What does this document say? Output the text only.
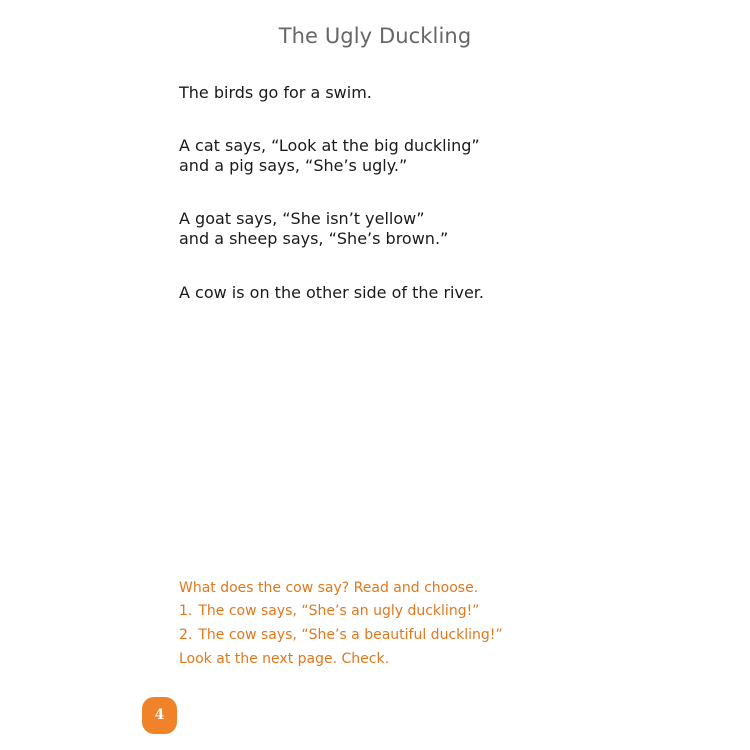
The Ugly Duckling

The birds go for a swim.

A cat says, “Look at the big duckling”
and a pig says, “She’s ugly.”

A goat says, “She isn’t yellow”
and a sheep says, “She’s brown.”

A cow is on the other side of the river.

What does the cow say? Read and choose.
1. The cow says, “She’s an ugly duckling!”
2. The cow says, “She’s a beautiful duckling!”
Look at the next page. Check.
4
